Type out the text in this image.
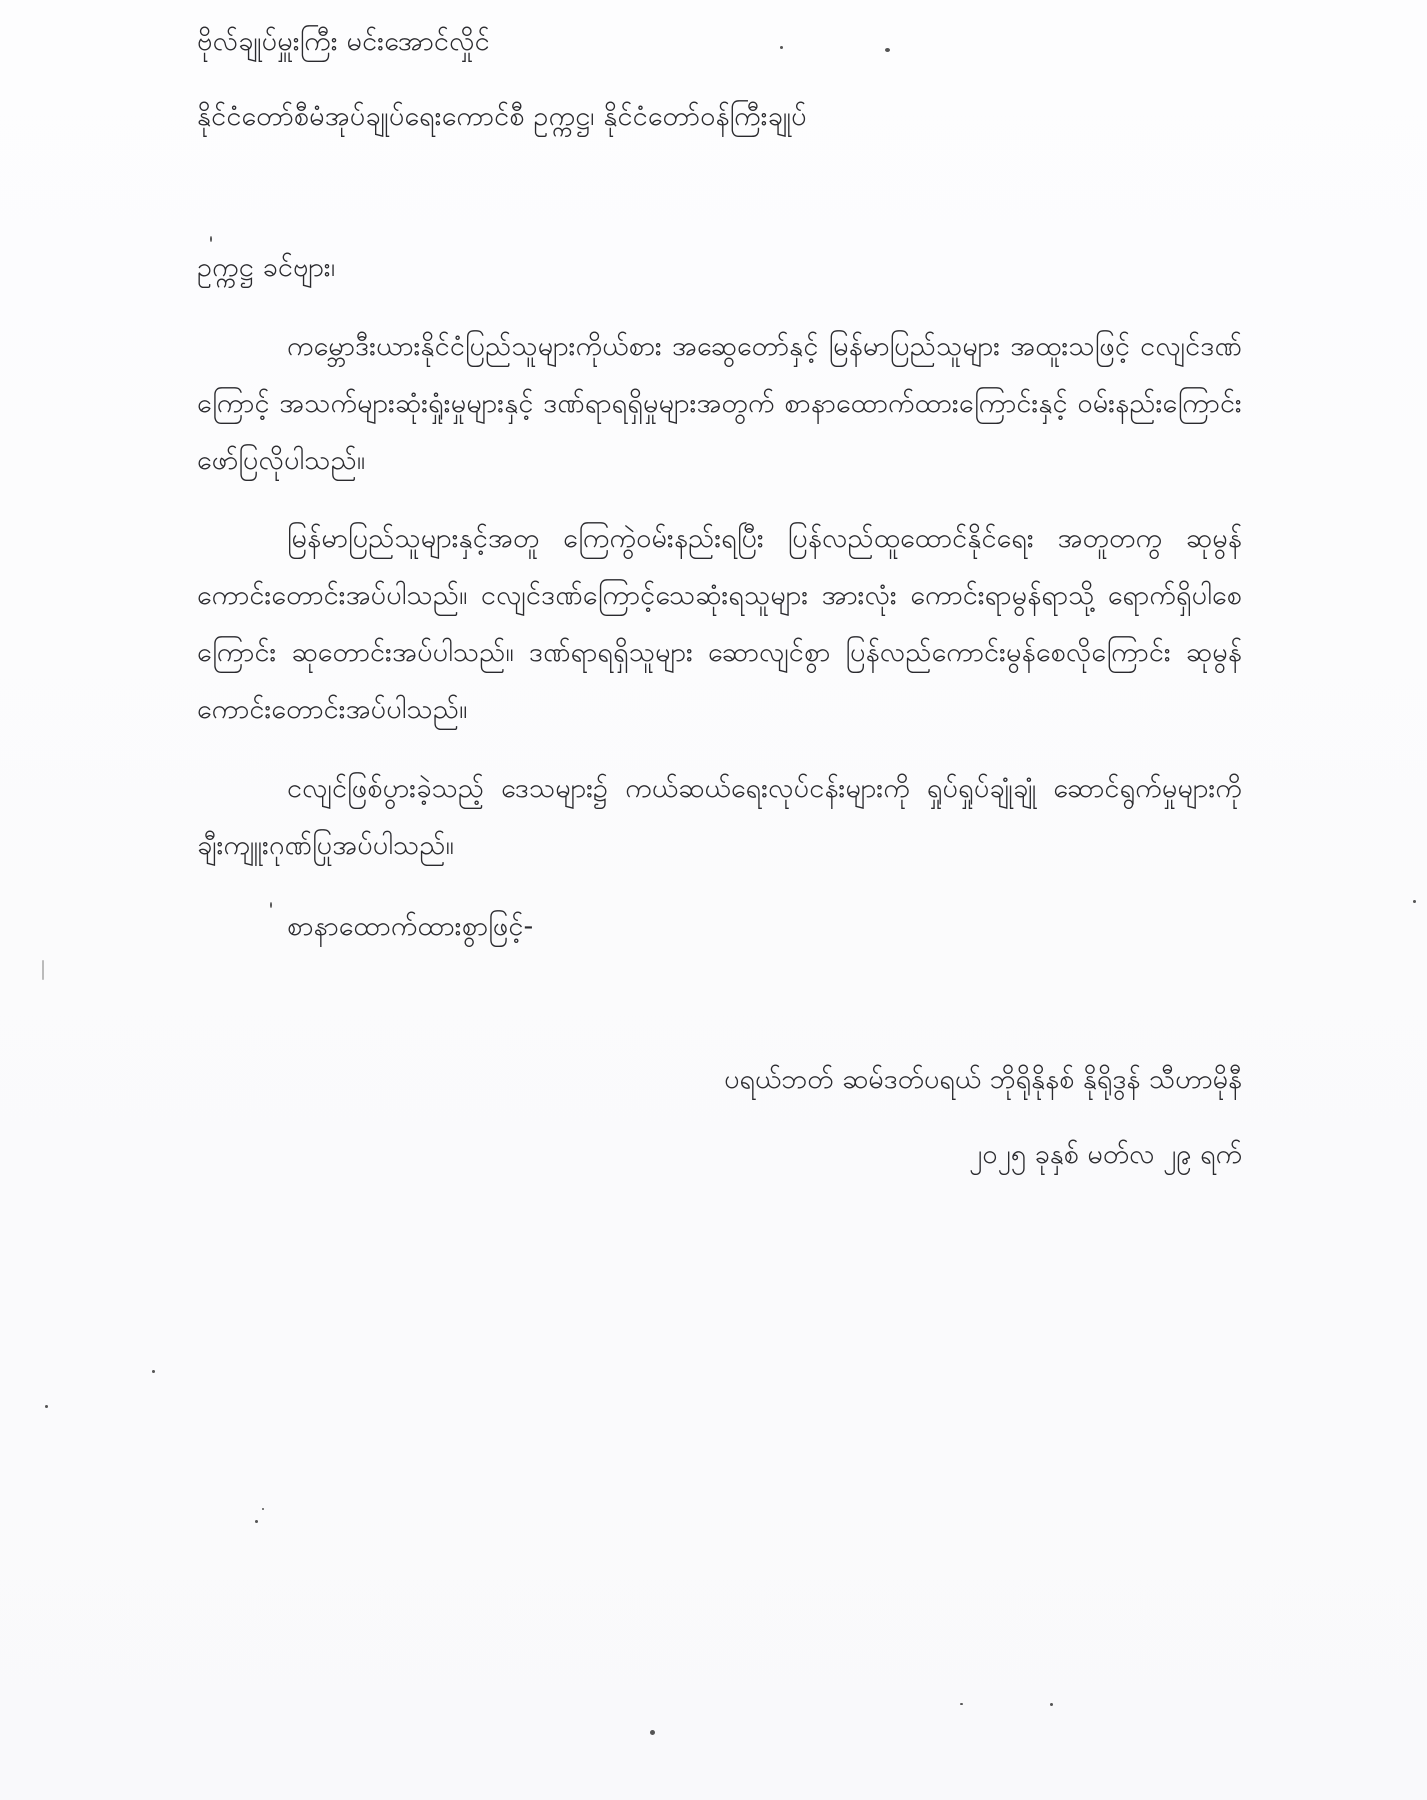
ဗိုလ်ချုပ်မှူးကြီး မင်းအောင်လှိုင်
နိုင်ငံတော်စီမံအုပ်ချုပ်ရေးကောင်စီ ဥက္ကဋ္ဌ၊ နိုင်ငံတော်ဝန်ကြီးချုပ်
ဥက္ကဋ္ဌ ခင်ဗျား၊
ကမ္ဘောဒီးယားနိုင်ငံပြည်သူများကိုယ်စား အဆွေတော်နှင့် မြန်မာပြည်သူများ အထူးသဖြင့် ငလျင်ဒဏ်ကြောင့် အသက်များဆုံးရှုံးမှုများနှင့် ဒဏ်ရာရရှိမှုများအတွက် စာနာထောက်ထားကြောင်းနှင့် ဝမ်းနည်းကြောင်း ဖော်ပြလိုပါသည်။
မြန်မာပြည်သူများနှင့်အတူ ကြေကွဲဝမ်းနည်းရပြီး ပြန်လည်ထူထောင်နိုင်ရေး အတူတကွ ဆုမွန်ကောင်းတောင်းအပ်ပါသည်။ ငလျင်ဒဏ်ကြောင့်သေဆုံးရသူများ အားလုံး ကောင်းရာမွန်ရာသို့ ရောက်ရှိပါစေကြောင်း ဆုတောင်းအပ်ပါသည်။ ဒဏ်ရာရရှိသူများ ဆောလျင်စွာ ပြန်လည်ကောင်းမွန်စေလိုကြောင်း ဆုမွန်ကောင်းတောင်းအပ်ပါသည်။
ငလျင်ဖြစ်ပွားခဲ့သည့် ဒေသများ၌ ကယ်ဆယ်ရေးလုပ်ငန်းများကို ရှုပ်ရှုပ်ချုံချုံ ဆောင်ရွက်မှုများကို ချီးကျူးဂုဏ်ပြုအပ်ပါသည်။
စာနာထောက်ထားစွာဖြင့်-
ပရယ်ဘတ် ဆမ်ဒတ်ပရယ် ဘိုရိုနိုနစ် နိုရိုဒွန် သီဟာမိုနီ
၂၀၂၅ ခုနှစ် မတ်လ ၂၉ ရက်
